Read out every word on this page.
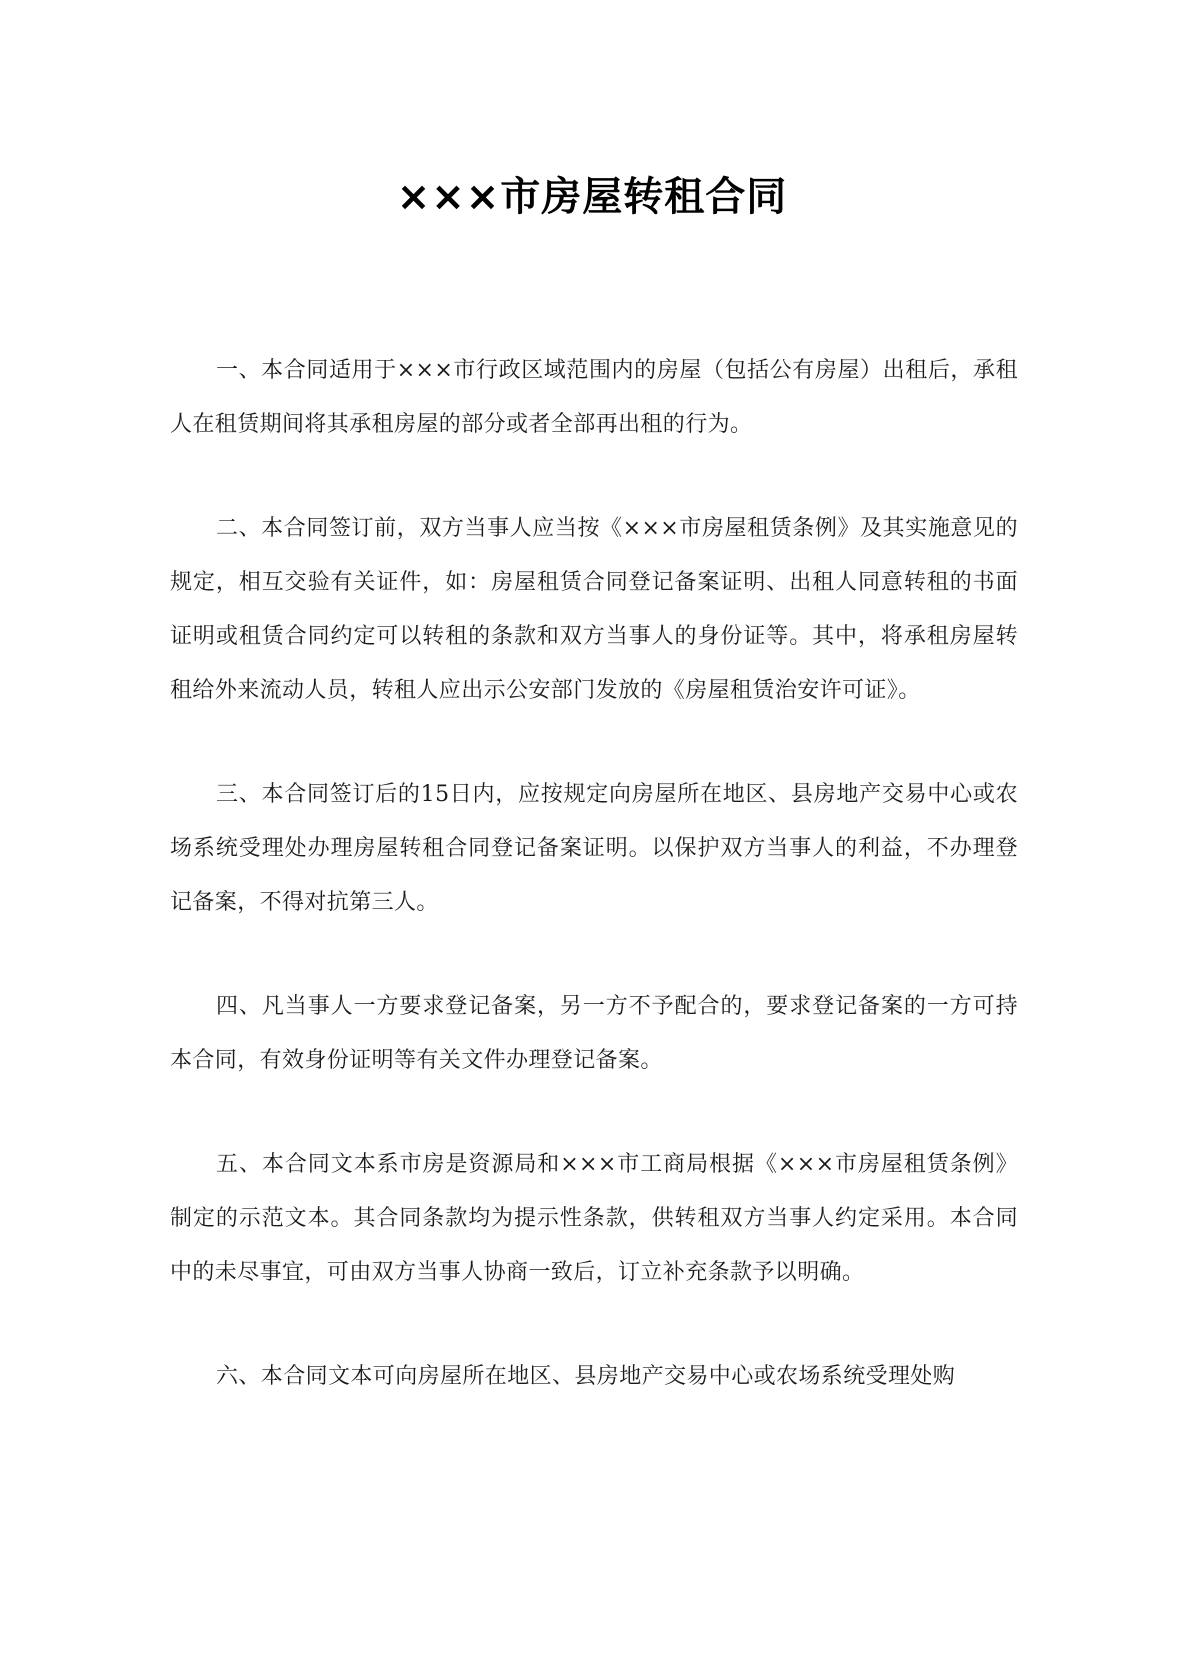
×××市房屋转租合同

一、本合同适用于×××市行政区域范围内的房屋（包括公有房屋）出租后，承租人在租赁期间将其承租房屋的部分或者全部再出租的行为。

二、本合同签订前，双方当事人应当按《×××市房屋租赁条例》及其实施意见的规定，相互交验有关证件，如：房屋租赁合同登记备案证明、出租人同意转租的书面证明或租赁合同约定可以转租的条款和双方当事人的身份证等。其中，将承租房屋转租给外来流动人员，转租人应出示公安部门发放的《房屋租赁治安许可证》。

三、本合同签订后的15日内，应按规定向房屋所在地区、县房地产交易中心或农场系统受理处办理房屋转租合同登记备案证明。以保护双方当事人的利益，不办理登记备案，不得对抗第三人。

四、凡当事人一方要求登记备案，另一方不予配合的，要求登记备案的一方可持本合同，有效身份证明等有关文件办理登记备案。

五、本合同文本系市房是资源局和×××市工商局根据《×××市房屋租赁条例》制定的示范文本。其合同条款均为提示性条款，供转租双方当事人约定采用。本合同中的未尽事宜，可由双方当事人协商一致后，订立补充条款予以明确。

六、本合同文本可向房屋所在地区、县房地产交易中心或农场系统受理处购
